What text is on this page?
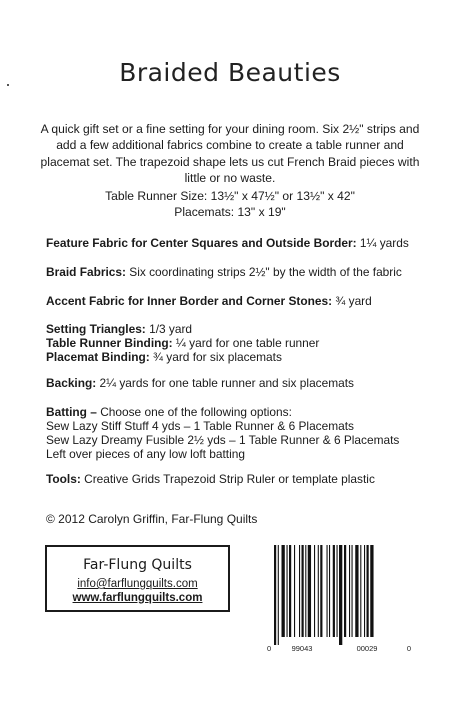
Braided Beauties

A quick gift set or a fine setting for your dining room. Six 2½" strips and add a few additional fabrics combine to create a table runner and placemat set. The trapezoid shape lets us cut French Braid pieces with little or no waste.

Table Runner Size: 13½" x 47½" or 13½" x 42"
Placemats: 13" x 19"
Feature Fabric for Center Squares and Outside Border: 1¼ yards
Braid Fabrics: Six coordinating strips 2½" by the width of the fabric
Accent Fabric for Inner Border and Corner Stones: ¾ yard
Setting Triangles: 1/3 yard
Table Runner Binding: ¼ yard for one table runner
Placemat Binding: ¾ yard for six placemats
Backing: 2¼ yards for one table runner and six placemats
Batting – Choose one of the following options:
Sew Lazy Stiff Stuff 4 yds – 1 Table Runner & 6 Placemats
Sew Lazy Dreamy Fusible 2½ yds – 1 Table Runner & 6 Placemats
Left over pieces of any low loft batting
Tools: Creative Grids Trapezoid Strip Ruler or template plastic
© 2012 Carolyn Griffin, Far-Flung Quilts
Far-Flung Quilts
info@farflungquilts.com
www.farflungquilts.com
0	99043	00029	0
